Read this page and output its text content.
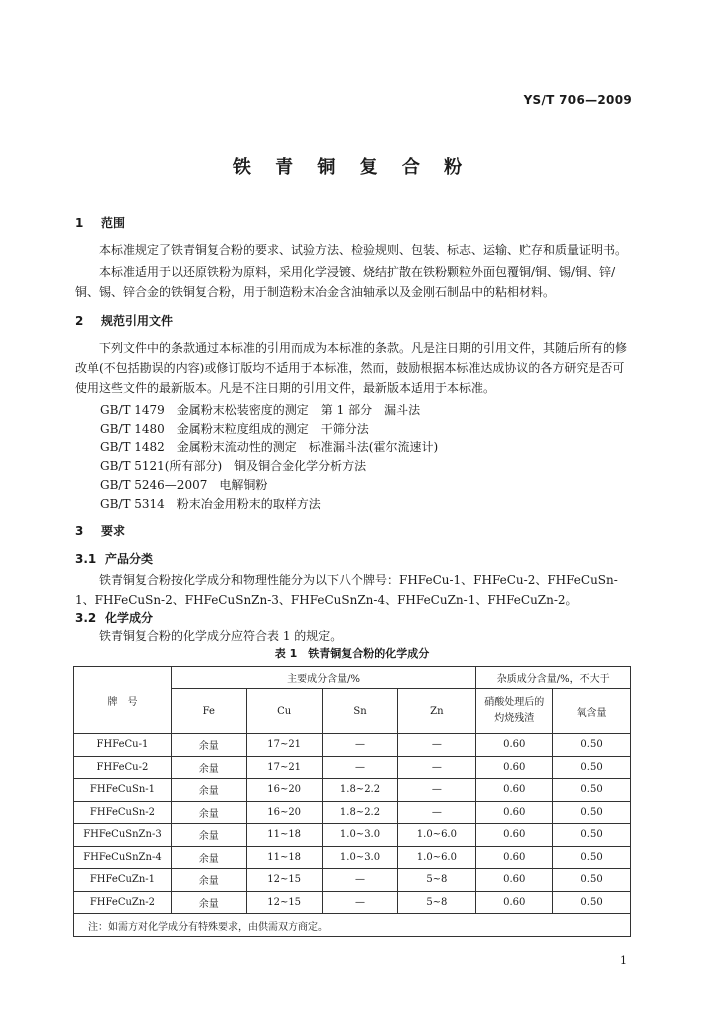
YS/T 706—2009
铁 青 铜 复 合 粉
1 范围
本标准规定了铁青铜复合粉的要求、试验方法、检验规则、包装、标志、运输、贮存和质量证明书。
本标准适用于以还原铁粉为原料，采用化学浸镀、烧结扩散在铁粉颗粒外面包覆铜/铜、锡/铜、锌/铜、锡、锌合金的铁铜复合粉，用于制造粉末冶金含油轴承以及金刚石制品中的粘相材料。
2 规范引用文件
下列文件中的条款通过本标准的引用而成为本标准的条款。凡是注日期的引用文件，其随后所有的修改单(不包括勘误的内容)或修订版均不适用于本标准，然而，鼓励根据本标准达成协议的各方研究是否可使用这些文件的最新版本。凡是不注日期的引用文件，最新版本适用于本标准。
GB/T 1479　金属粉末松装密度的测定　第 1 部分　漏斗法
GB/T 1480　金属粉末粒度组成的测定　干筛分法
GB/T 1482　金属粉末流动性的测定　标准漏斗法(霍尔流速计)
GB/T 5121(所有部分)　铜及铜合金化学分析方法
GB/T 5246—2007　电解铜粉
GB/T 5314　粉末冶金用粉末的取样方法
3 要求
3.1 产品分类
铁青铜复合粉按化学成分和物理性能分为以下八个牌号：FHFeCu-1、FHFeCu-2、FHFeCuSn-1、FHFeCuSn-2、FHFeCuSnZn-3、FHFeCuSnZn-4、FHFeCuZn-1、FHFeCuZn-2。
3.2 化学成分
铁青铜复合粉的化学成分应符合表 1 的规定。
表 1　铁青铜复合粉的化学成分
牌　号	主要成分含量/%				杂质成分含量/%，不大于	
	Fe	Cu	Sn	Zn	硝酸处理后的灼烧残渣	氧含量
FHFeCu-1	余量	17~21	—	—	0.60	0.50
FHFeCu-2	余量	17~21	—	—	0.60	0.50
FHFeCuSn-1	余量	16~20	1.8~2.2	—	0.60	0.50
FHFeCuSn-2	余量	16~20	1.8~2.2	—	0.60	0.50
FHFeCuSnZn-3	余量	11~18	1.0~3.0	1.0~6.0	0.60	0.50
FHFeCuSnZn-4	余量	11~18	1.0~3.0	1.0~6.0	0.60	0.50
FHFeCuZn-1	余量	12~15	—	5~8	0.60	0.50
FHFeCuZn-2	余量	12~15	—	5~8	0.60	0.50
注：如需方对化学成分有特殊要求，由供需双方商定。						
1
